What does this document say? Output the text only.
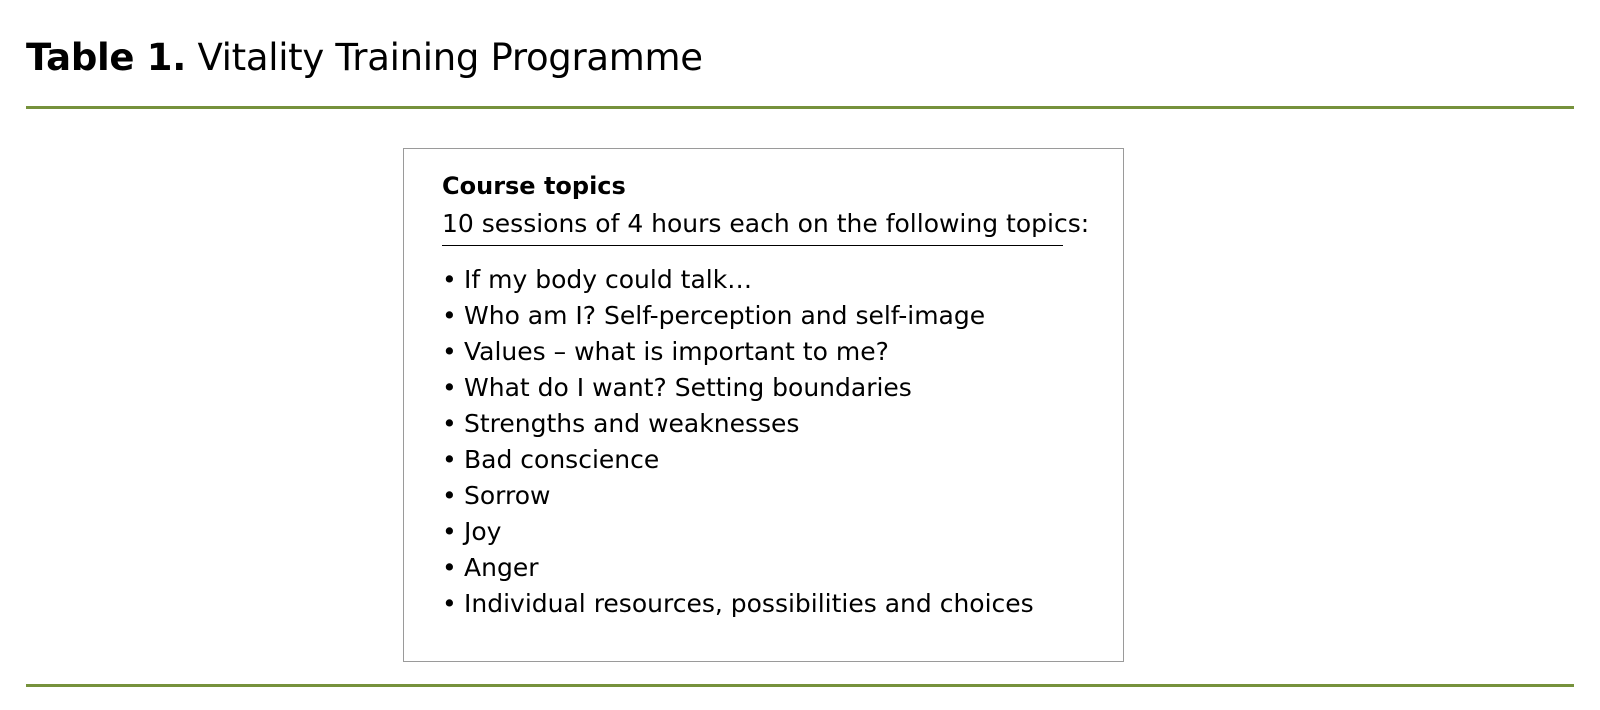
Table 1. Vitality Training Programme
Course topics
10 sessions of 4 hours each on the following topics:
• If my body could talk…
• Who am I? Self-perception and self-image
• Values – what is important to me?
• What do I want? Setting boundaries
• Strengths and weaknesses
• Bad conscience
• Sorrow
• Joy
• Anger
• Individual resources, possibilities and choices
